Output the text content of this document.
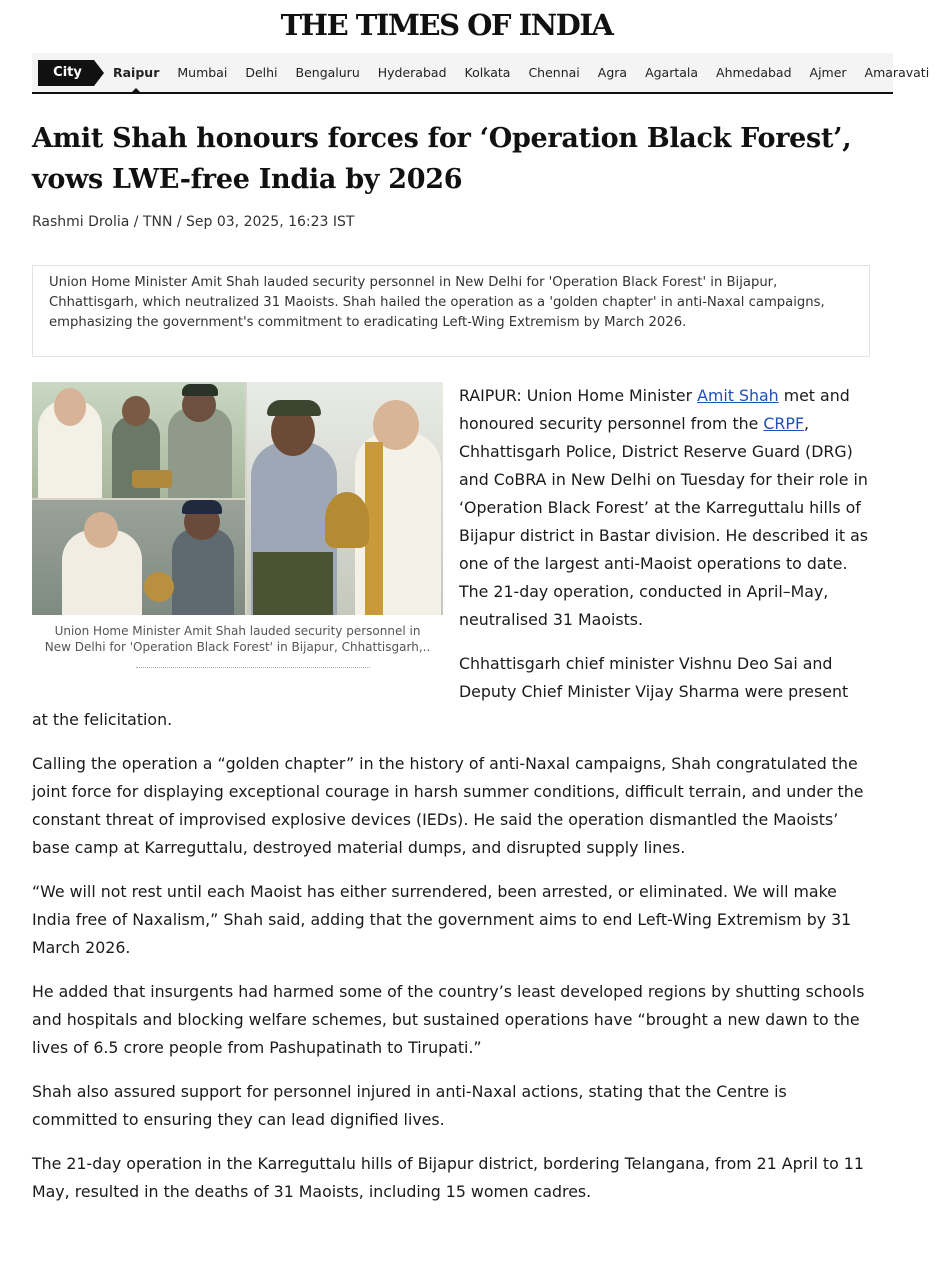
THE TIMES OF INDIA
City	Raipur	Mumbai	Delhi	Bengaluru	Hyderabad	Kolkata	Chennai	Agra	Agartala	Ahmedabad	Ajmer	Amaravati
Amit Shah honours forces for ‘Operation Black Forest’,
vows LWE-free India by 2026
Rashmi Drolia / TNN / Sep 03, 2025, 16:23 IST
Union Home Minister Amit Shah lauded security personnel in New Delhi for 'Operation Black Forest' in Bijapur, Chhattisgarh, which neutralized 31 Maoists. Shah hailed the operation as a 'golden chapter' in anti-Naxal campaigns, emphasizing the government's commitment to eradicating Left-Wing Extremism by March 2026.
Union Home Minister Amit Shah lauded security personnel in
New Delhi for 'Operation Black Forest' in Bijapur, Chhattisgarh,..

RAIPUR: Union Home Minister Amit Shah met and honoured security personnel from the CRPF, Chhattisgarh Police, District Reserve Guard (DRG) and CoBRA in New Delhi on Tuesday for their role in ‘Operation Black Forest’ at the Karreguttalu hills of Bijapur district in Bastar division. He described it as one of the largest anti-Maoist operations to date. The 21-day operation, conducted in April–May, neutralised 31 Maoists.

Chhattisgarh chief minister Vishnu Deo Sai and Deputy Chief Minister Vijay Sharma were present

at the felicitation.

Calling the operation a “golden chapter” in the history of anti-Naxal campaigns, Shah congratulated the joint force for displaying exceptional courage in harsh summer conditions, difficult terrain, and under the constant threat of improvised explosive devices (IEDs). He said the operation dismantled the Maoists’ base camp at Karreguttalu, destroyed material dumps, and disrupted supply lines.

“We will not rest until each Maoist has either surrendered, been arrested, or eliminated. We will make India free of Naxalism,” Shah said, adding that the government aims to end Left-Wing Extremism by 31 March 2026.

He added that insurgents had harmed some of the country’s least developed regions by shutting schools and hospitals and blocking welfare schemes, but sustained operations have “brought a new dawn to the lives of 6.5 crore people from Pashupatinath to Tirupati.”

Shah also assured support for personnel injured in anti-Naxal actions, stating that the Centre is committed to ensuring they can lead dignified lives.

The 21-day operation in the Karreguttalu hills of Bijapur district, bordering Telangana, from 21 April to 11 May, resulted in the deaths of 31 Maoists, including 15 women cadres.
